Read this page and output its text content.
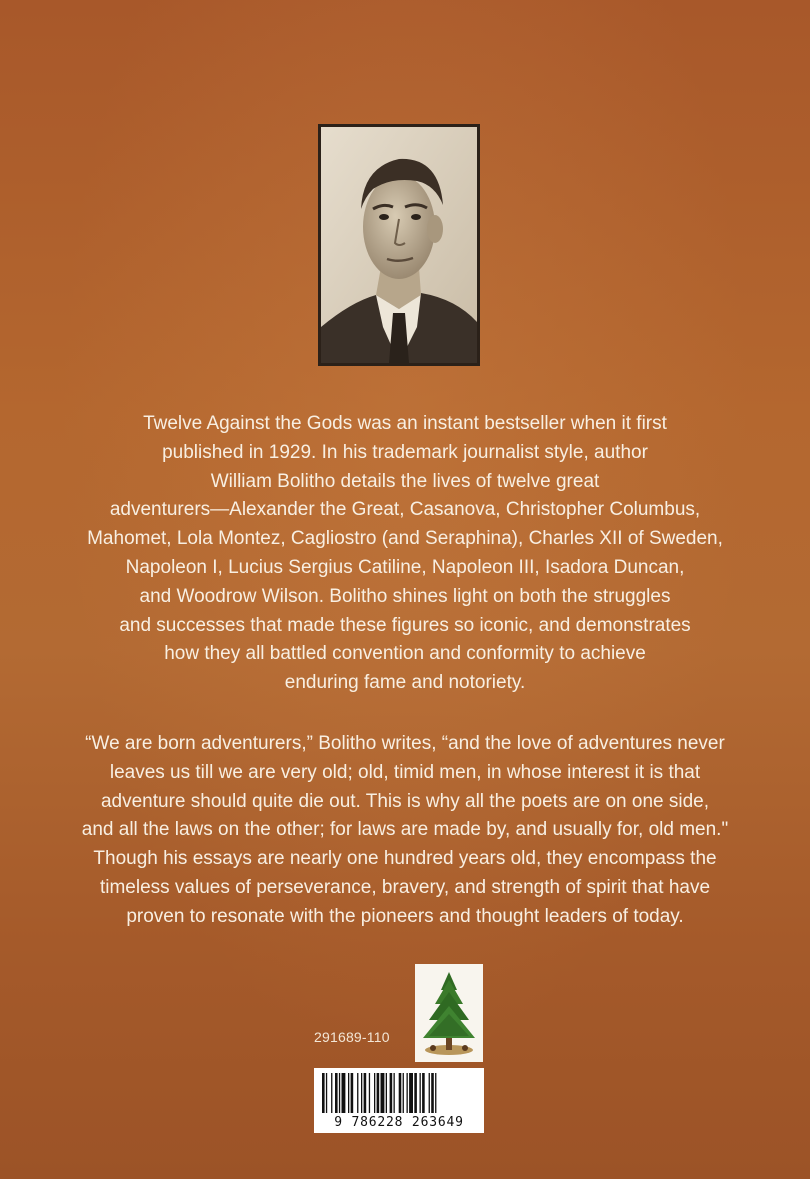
Twelve Against the Gods was an instant bestseller when it first
published in 1929. In his trademark journalist style, author
William Bolitho details the lives of twelve great
adventurers—Alexander the Great, Casanova, Christopher Columbus,
Mahomet, Lola Montez, Cagliostro (and Seraphina), Charles XII of Sweden,
Napoleon I, Lucius Sergius Catiline, Napoleon III, Isadora Duncan,
and Woodrow Wilson. Bolitho shines light on both the struggles
and successes that made these figures so iconic, and demonstrates
how they all battled convention and conformity to achieve
enduring fame and notoriety.

“We are born adventurers,” Bolitho writes, “and the love of adventures never
leaves us till we are very old; old, timid men, in whose interest it is that
adventure should quite die out. This is why all the poets are on one side,
and all the laws on the other; for laws are made by, and usually for, old men."
Though his essays are nearly one hundred years old, they encompass the
timeless values of perseverance, bravery, and strength of spirit that have
proven to resonate with the pioneers and thought leaders of today.

291689-110
9 786228 263649
